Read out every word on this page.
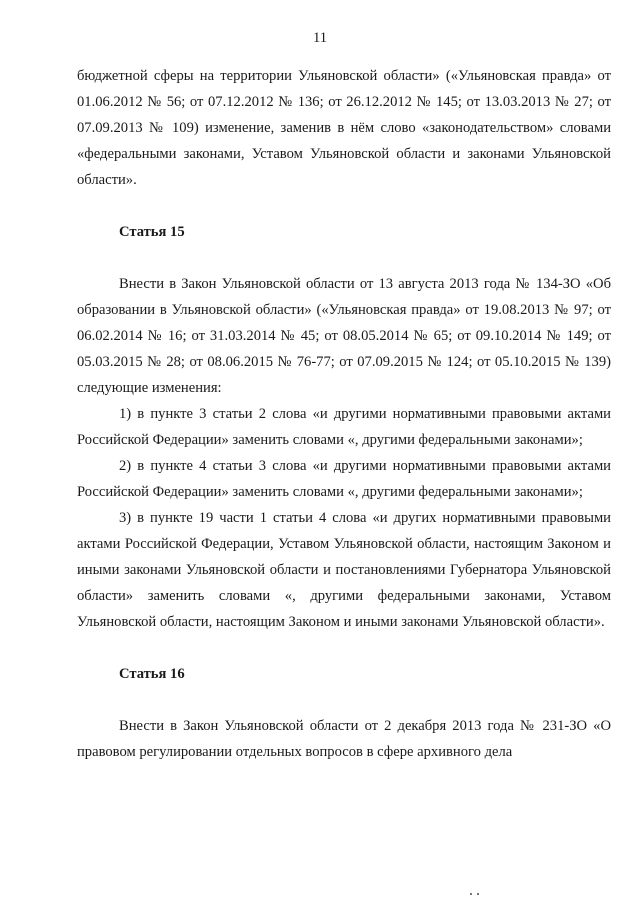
11

бюджетной сферы на территории Ульяновской области» («Ульяновская правда» от 01.06.2012 № 56; от 07.12.2012 № 136; от 26.12.2012 № 145; от 13.03.2013 № 27; от 07.09.2013 № 109) изменение, заменив в нём слово «законодательством» словами «федеральными законами, Уставом Ульяновской области и законами Ульяновской области».

Статья 15

Внести в Закон Ульяновской области от 13 августа 2013 года № 134-ЗО «Об образовании в Ульяновской области» («Ульяновская правда» от 19.08.2013 № 97; от 06.02.2014 № 16; от 31.03.2014 № 45; от 08.05.2014 № 65; от 09.10.2014 № 149; от 05.03.2015 № 28; от 08.06.2015 № 76-77; от 07.09.2015 № 124; от 05.10.2015 № 139) следующие изменения:

1) в пункте 3 статьи 2 слова «и другими нормативными правовыми актами Российской Федерации» заменить словами «, другими федеральными законами»;

2) в пункте 4 статьи 3 слова «и другими нормативными правовыми актами Российской Федерации» заменить словами «, другими федеральными законами»;

3) в пункте 19 части 1 статьи 4 слова «и других нормативными правовыми актами Российской Федерации, Уставом Ульяновской области, настоящим Законом и иными законами Ульяновской области и постановлениями Губернатора Ульяновской области» заменить словами «, другими федеральными законами, Уставом Ульяновской области, настоящим Законом и иными законами Ульяновской области».

Статья 16

Внести в Закон Ульяновской области от 2 декабря 2013 года № 231-ЗО «О правовом регулировании отдельных вопросов в сфере архивного дела
